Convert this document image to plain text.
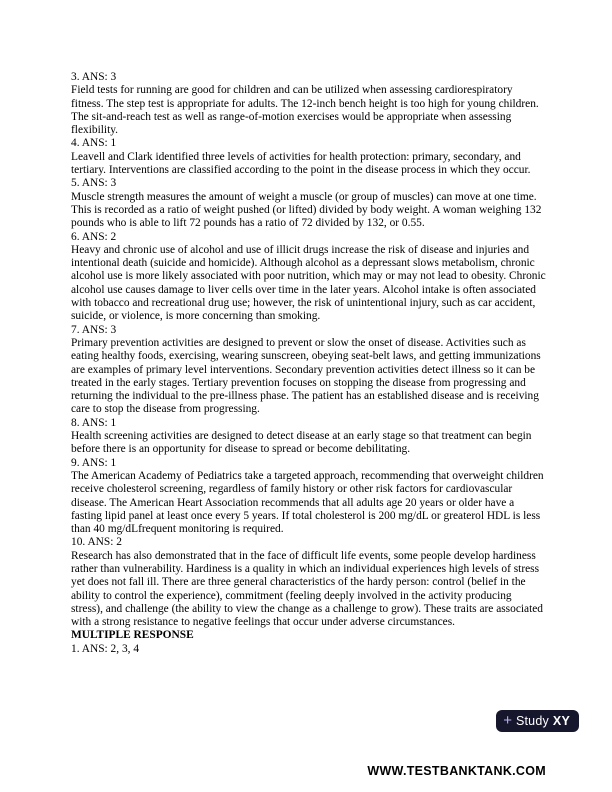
3. ANS: 3
Field tests for running are good for children and can be utilized when assessing cardiorespiratory fitness. The step test is appropriate for adults. The 12-inch bench height is too high for young children. The sit-and-reach test as well as range-of-motion exercises would be appropriate when assessing flexibility.
4. ANS: 1
Leavell and Clark identified three levels of activities for health protection: primary, secondary, and tertiary. Interventions are classified according to the point in the disease process in which they occur.
5. ANS: 3
Muscle strength measures the amount of weight a muscle (or group of muscles) can move at one time. This is recorded as a ratio of weight pushed (or lifted) divided by body weight. A woman weighing 132 pounds who is able to lift 72 pounds has a ratio of 72 divided by 132, or 0.55.
6. ANS: 2
Heavy and chronic use of alcohol and use of illicit drugs increase the risk of disease and injuries and intentional death (suicide and homicide). Although alcohol as a depressant slows metabolism, chronic alcohol use is more likely associated with poor nutrition, which may or may not lead to obesity. Chronic alcohol use causes damage to liver cells over time in the later years. Alcohol intake is often associated with tobacco and recreational drug use; however, the risk of unintentional injury, such as car accident, suicide, or violence, is more concerning than smoking.
7. ANS: 3
Primary prevention activities are designed to prevent or slow the onset of disease. Activities such as eating healthy foods, exercising, wearing sunscreen, obeying seat-belt laws, and getting immunizations are examples of primary level interventions. Secondary prevention activities detect illness so it can be treated in the early stages. Tertiary prevention focuses on stopping the disease from progressing and returning the individual to the pre-illness phase. The patient has an established disease and is receiving care to stop the disease from progressing.
8. ANS: 1
Health screening activities are designed to detect disease at an early stage so that treatment can begin before there is an opportunity for disease to spread or become debilitating.
9. ANS: 1
The American Academy of Pediatrics take a targeted approach, recommending that overweight children receive cholesterol screening, regardless of family history or other risk factors for cardiovascular disease. The American Heart Association recommends that all adults age 20 years or older have a fasting lipid panel at least once every 5 years. If total cholesterol is 200 mg/dL or greaterol HDL is less than 40 mg/dLfrequent monitoring is required.
10. ANS: 2
Research has also demonstrated that in the face of difficult life events, some people develop hardiness rather than vulnerability. Hardiness is a quality in which an individual experiences high levels of stress yet does not fall ill. There are three general characteristics of the hardy person: control (belief in the ability to control the experience), commitment (feeling deeply involved in the activity producing stress), and challenge (the ability to view the change as a challenge to grow). These traits are associated with a strong resistance to negative feelings that occur under adverse circumstances.
MULTIPLE RESPONSE
1. ANS: 2, 3, 4
+ Study XY
WWW.TESTBANKTANK.COM
